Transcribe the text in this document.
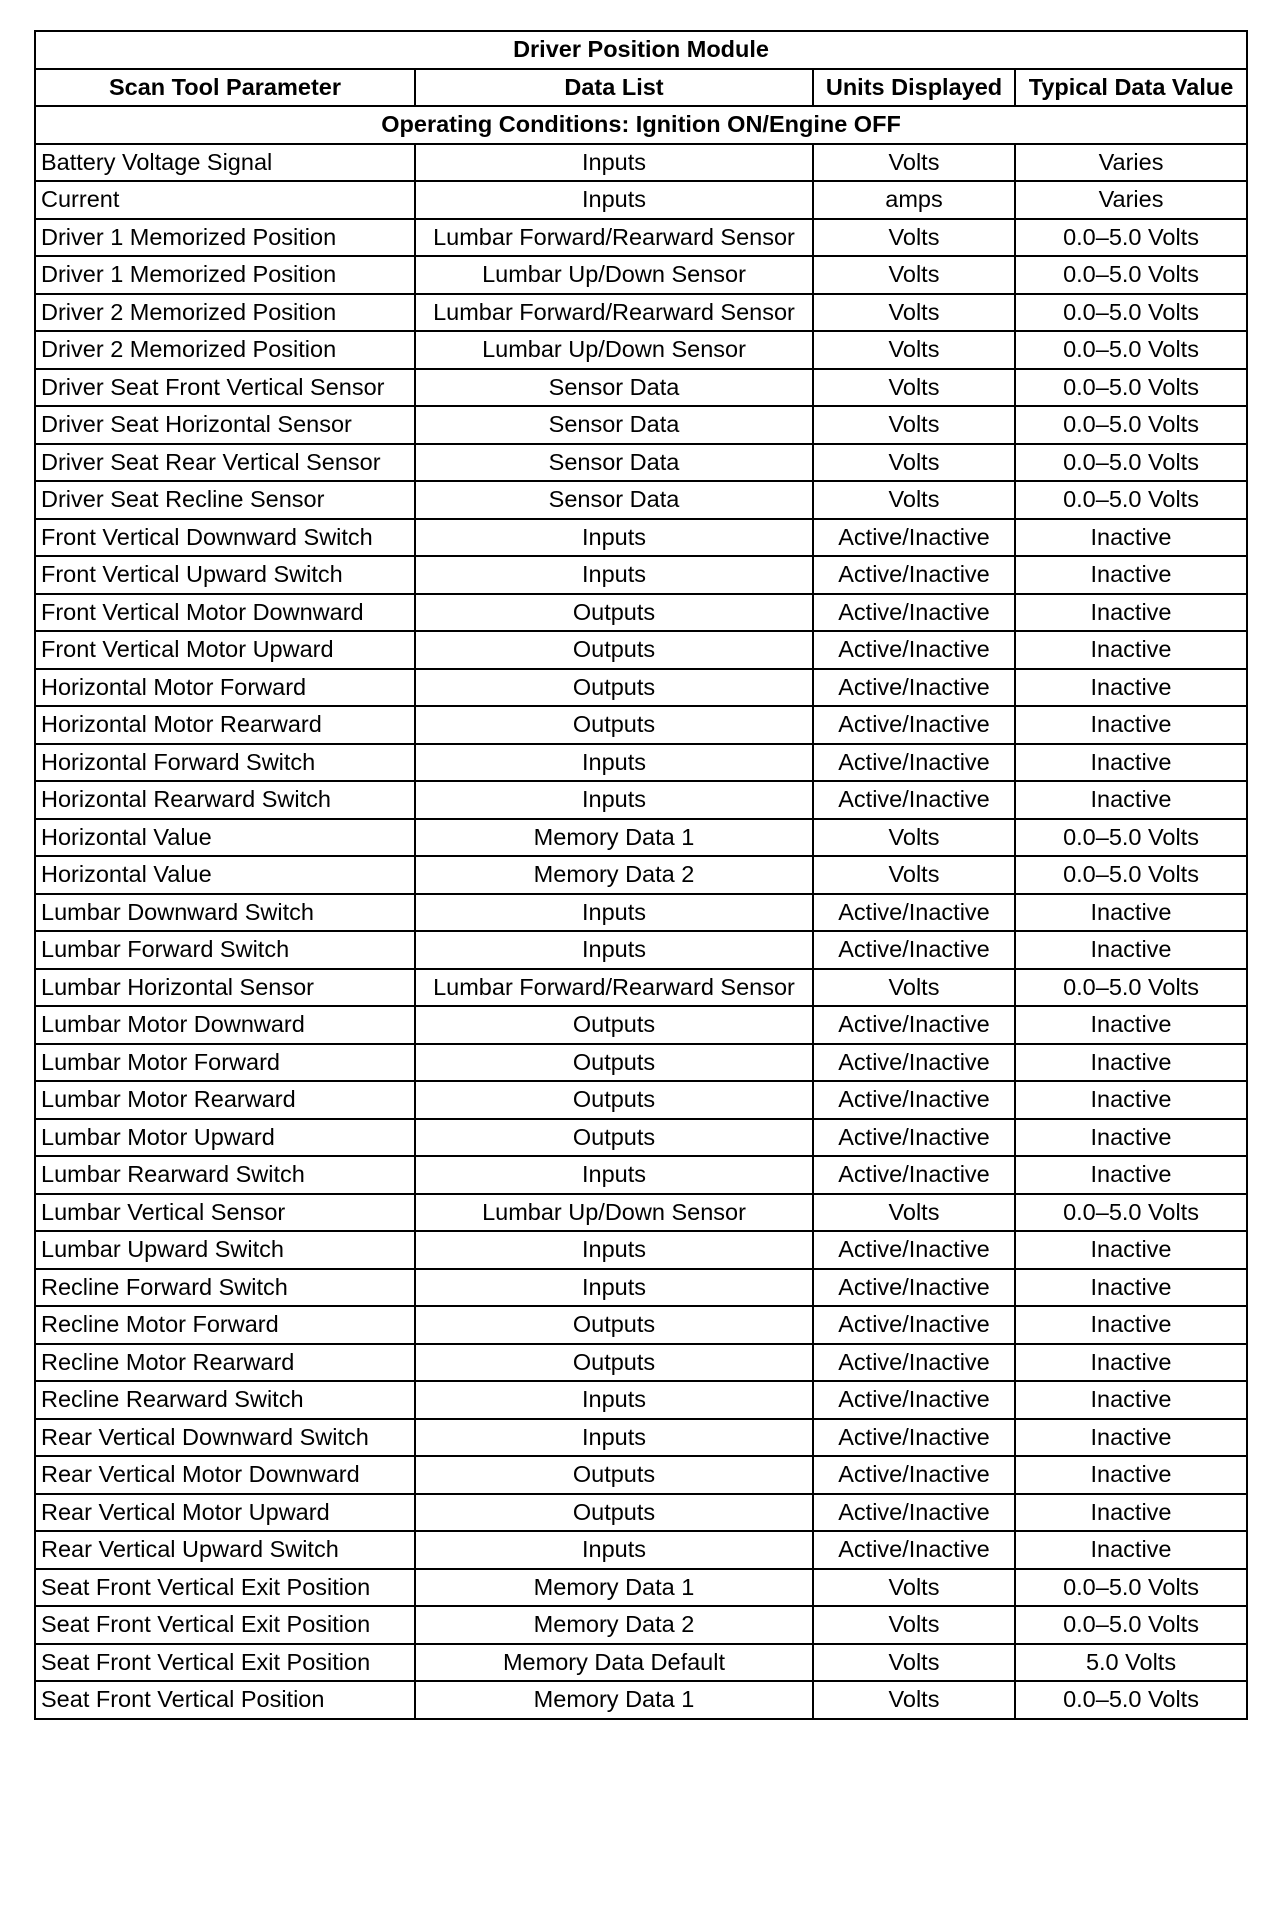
Driver Position Module			
Scan Tool Parameter	Data List	Units Displayed	Typical Data Value
Operating Conditions: Ignition ON/Engine OFF			
Battery Voltage Signal	Inputs	Volts	Varies
Current	Inputs	amps	Varies
Driver 1 Memorized Position	Lumbar Forward/Rearward Sensor	Volts	0.0–5.0 Volts
Driver 1 Memorized Position	Lumbar Up/Down Sensor	Volts	0.0–5.0 Volts
Driver 2 Memorized Position	Lumbar Forward/Rearward Sensor	Volts	0.0–5.0 Volts
Driver 2 Memorized Position	Lumbar Up/Down Sensor	Volts	0.0–5.0 Volts
Driver Seat Front Vertical Sensor	Sensor Data	Volts	0.0–5.0 Volts
Driver Seat Horizontal Sensor	Sensor Data	Volts	0.0–5.0 Volts
Driver Seat Rear Vertical Sensor	Sensor Data	Volts	0.0–5.0 Volts
Driver Seat Recline Sensor	Sensor Data	Volts	0.0–5.0 Volts
Front Vertical Downward Switch	Inputs	Active/Inactive	Inactive
Front Vertical Upward Switch	Inputs	Active/Inactive	Inactive
Front Vertical Motor Downward	Outputs	Active/Inactive	Inactive
Front Vertical Motor Upward	Outputs	Active/Inactive	Inactive
Horizontal Motor Forward	Outputs	Active/Inactive	Inactive
Horizontal Motor Rearward	Outputs	Active/Inactive	Inactive
Horizontal Forward Switch	Inputs	Active/Inactive	Inactive
Horizontal Rearward Switch	Inputs	Active/Inactive	Inactive
Horizontal Value	Memory Data 1	Volts	0.0–5.0 Volts
Horizontal Value	Memory Data 2	Volts	0.0–5.0 Volts
Lumbar Downward Switch	Inputs	Active/Inactive	Inactive
Lumbar Forward Switch	Inputs	Active/Inactive	Inactive
Lumbar Horizontal Sensor	Lumbar Forward/Rearward Sensor	Volts	0.0–5.0 Volts
Lumbar Motor Downward	Outputs	Active/Inactive	Inactive
Lumbar Motor Forward	Outputs	Active/Inactive	Inactive
Lumbar Motor Rearward	Outputs	Active/Inactive	Inactive
Lumbar Motor Upward	Outputs	Active/Inactive	Inactive
Lumbar Rearward Switch	Inputs	Active/Inactive	Inactive
Lumbar Vertical Sensor	Lumbar Up/Down Sensor	Volts	0.0–5.0 Volts
Lumbar Upward Switch	Inputs	Active/Inactive	Inactive
Recline Forward Switch	Inputs	Active/Inactive	Inactive
Recline Motor Forward	Outputs	Active/Inactive	Inactive
Recline Motor Rearward	Outputs	Active/Inactive	Inactive
Recline Rearward Switch	Inputs	Active/Inactive	Inactive
Rear Vertical Downward Switch	Inputs	Active/Inactive	Inactive
Rear Vertical Motor Downward	Outputs	Active/Inactive	Inactive
Rear Vertical Motor Upward	Outputs	Active/Inactive	Inactive
Rear Vertical Upward Switch	Inputs	Active/Inactive	Inactive
Seat Front Vertical Exit Position	Memory Data 1	Volts	0.0–5.0 Volts
Seat Front Vertical Exit Position	Memory Data 2	Volts	0.0–5.0 Volts
Seat Front Vertical Exit Position	Memory Data Default	Volts	5.0 Volts
Seat Front Vertical Position	Memory Data 1	Volts	0.0–5.0 Volts
